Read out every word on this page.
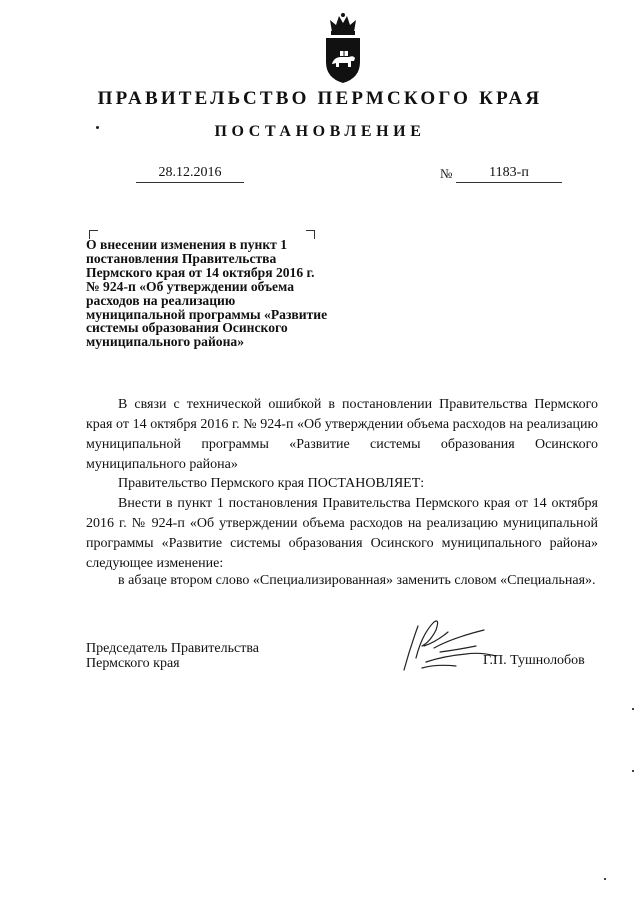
ПРАВИТЕЛЬСТВО ПЕРМСКОГО КРАЯ
ПОСТАНОВЛЕНИЕ
28.12.2016	№	1183-п
О внесении изменения в пункт 1
постановления Правительства
Пермского края от 14 октября 2016 г.
№ 924-п «Об утверждении объема
расходов на реализацию
муниципальной программы «Развитие
системы образования Осинского
муниципального района»
В связи с технической ошибкой в постановлении Правительства Пермского края от 14 октября 2016 г. № 924-п «Об утверждении объема расходов на реализацию муниципальной программы «Развитие системы образования Осинского муниципального района»
Правительство Пермского края ПОСТАНОВЛЯЕТ:
Внести в пункт 1 постановления Правительства Пермского края от 14 октября 2016 г. № 924-п «Об утверждении объема расходов на реализацию муниципальной программы «Развитие системы образования Осинского муниципального района» следующее изменение:
в абзаце втором слово «Специализированная» заменить словом «Специальная».
Председатель Правительства
Пермского края	Г.П. Тушнолобов
